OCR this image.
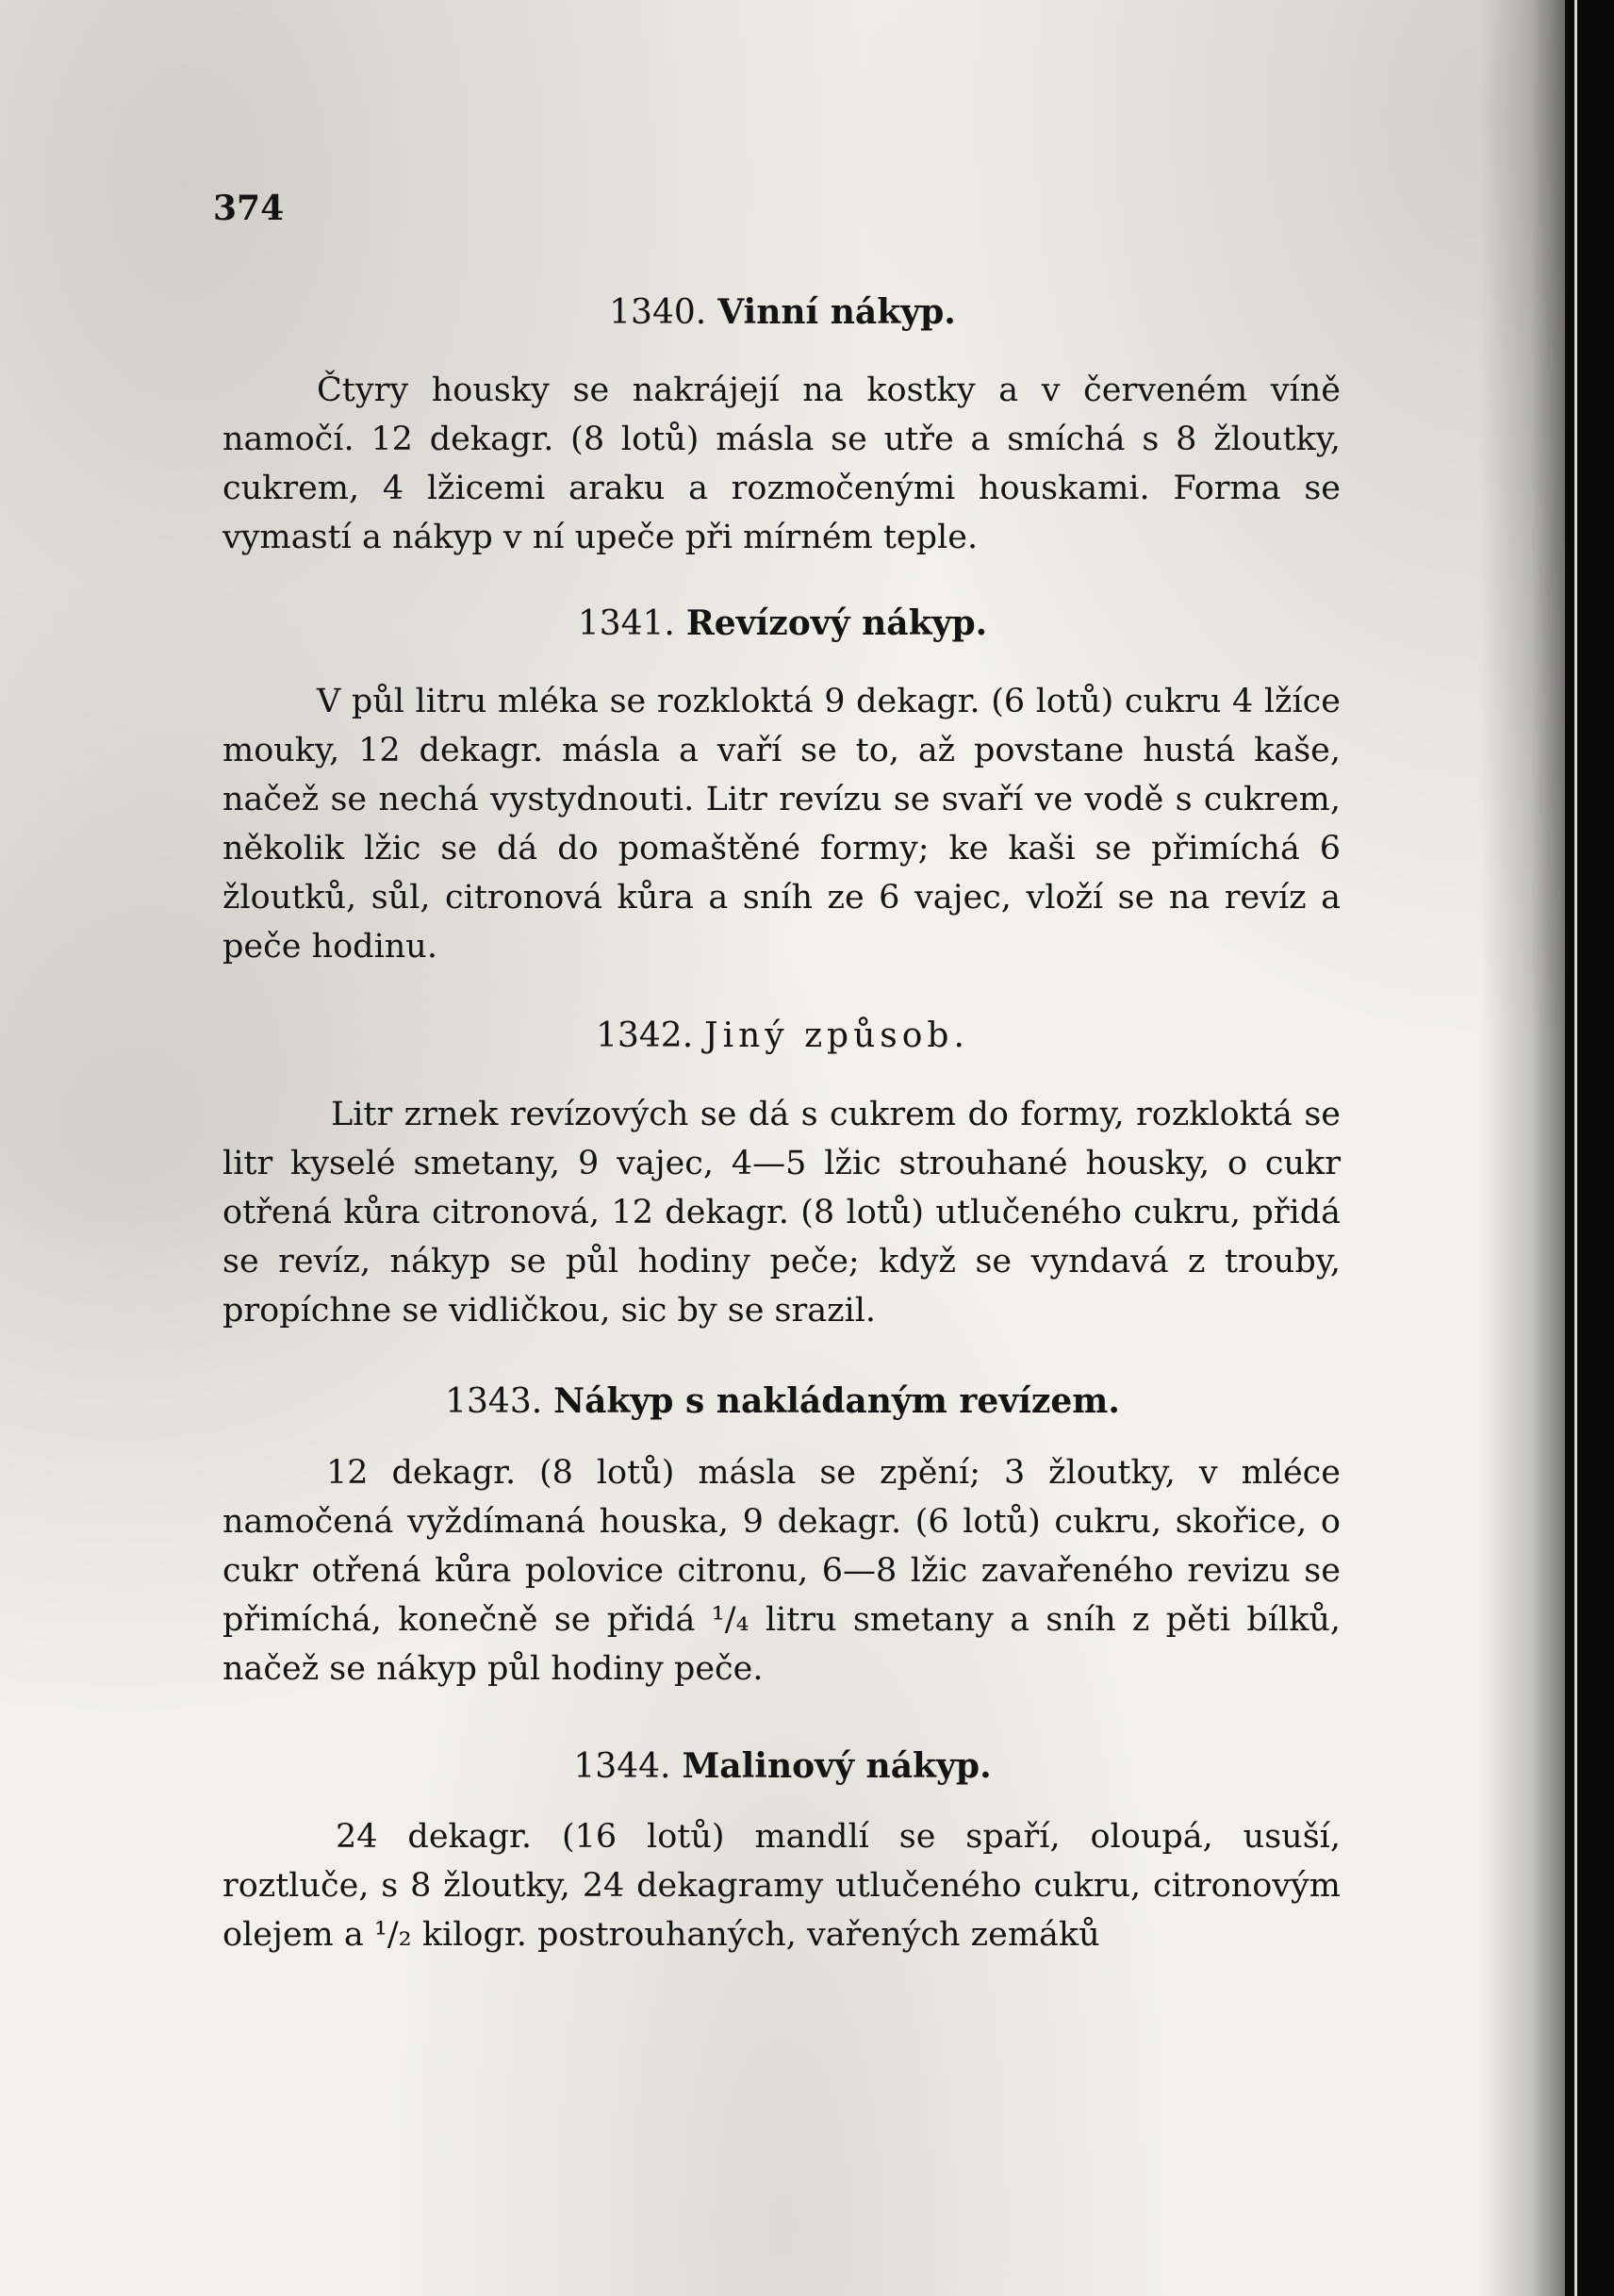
374
1340. Vinní nákyp.
Čtyry housky se nakrájejí na kostky a v červeném víně namočí. 12 dekagr. (8 lotů) másla se utře a smíchá s 8 žloutky, cukrem, 4 lžicemi araku a rozmočenými houskami. Forma se vymastí a nákyp v ní upeče při mírném teple.
1341. Revízový nákyp.
V půl litru mléka se rozkloktá 9 dekagr. (6 lotů) cukru 4 lžíce mouky, 12 dekagr. másla a vaří se to, až povstane hustá kaše, načež se nechá vystydnouti. Litr revízu se svaří ve vodě s cukrem, několik lžic se dá do pomaštěné formy; ke kaši se přimíchá 6 žloutků, sůl, citronová kůra a sníh ze 6 vajec, vloží se na revíz a peče hodinu.
1342. Jiný způsob.
Litr zrnek revízových se dá s cukrem do formy, rozkloktá se litr kyselé smetany, 9 vajec, 4—5 lžic strouhané housky, o cukr otřená kůra citronová, 12 dekagr. (8 lotů) utlučeného cukru, přidá se revíz, nákyp se půl hodiny peče; když se vyndavá z trouby, propíchne se vidličkou, sic by se srazil.
1343. Nákyp s nakládaným revízem.
12 dekagr. (8 lotů) másla se zpění; 3 žloutky, v mléce namočená vyždímaná houska, 9 dekagr. (6 lotů) cukru, skořice, o cukr otřená kůra polovice citronu, 6—8 lžic zavařeného revizu se přimíchá, konečně se přidá ¹/₄ litru smetany a sníh z pěti bílků, načež se nákyp půl hodiny peče.
1344. Malinový nákyp.
24 dekagr. (16 lotů) mandlí se spaří, oloupá, usuší, roztluče, s 8 žloutky, 24 dekagramy utlučeného cukru, citronovým olejem a ¹/₂ kilogr. postrouhaných, vařených zemáků
